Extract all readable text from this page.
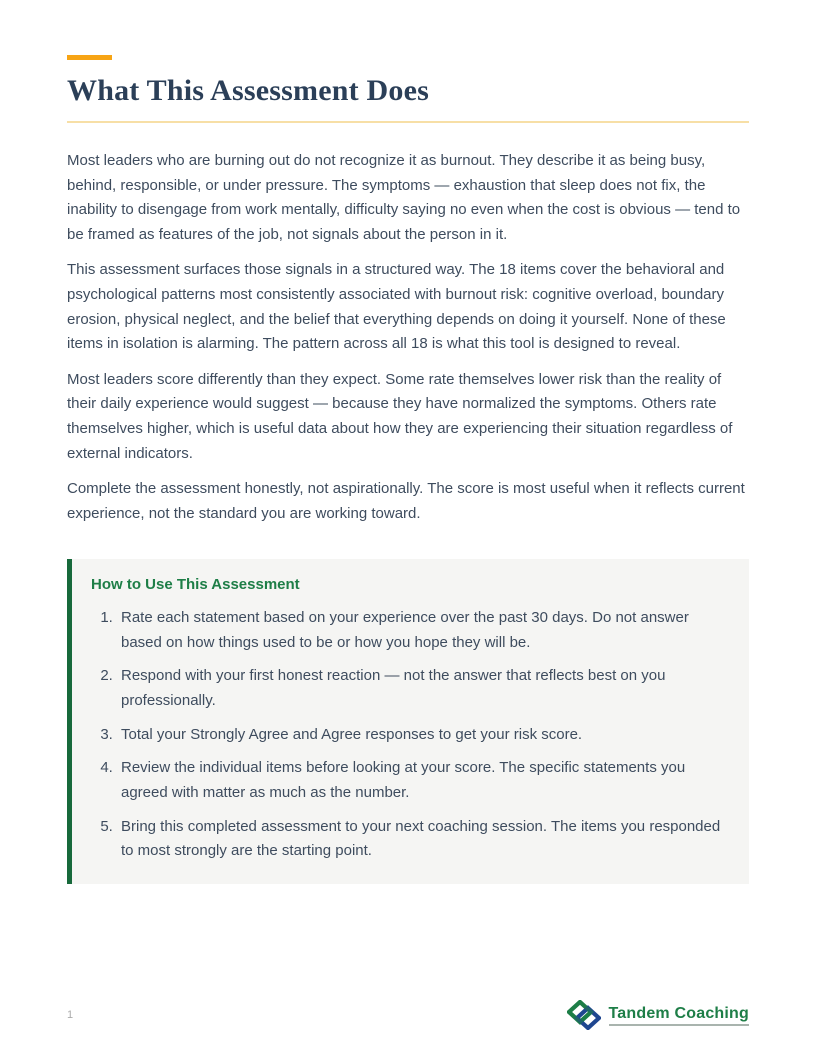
What This Assessment Does

Most leaders who are burning out do not recognize it as burnout. They describe it as being busy, behind, responsible, or under pressure. The symptoms — exhaustion that sleep does not fix, the inability to disengage from work mentally, difficulty saying no even when the cost is obvious — tend to be framed as features of the job, not signals about the person in it.

This assessment surfaces those signals in a structured way. The 18 items cover the behavioral and psychological patterns most consistently associated with burnout risk: cognitive overload, boundary erosion, physical neglect, and the belief that everything depends on doing it yourself. None of these items in isolation is alarming. The pattern across all 18 is what this tool is designed to reveal.

Most leaders score differently than they expect. Some rate themselves lower risk than the reality of their daily experience would suggest — because they have normalized the symptoms. Others rate themselves higher, which is useful data about how they are experiencing their situation regardless of external indicators.

Complete the assessment honestly, not aspirationally. The score is most useful when it reflects current experience, not the standard you are working toward.

How to Use This Assessment
1. Rate each statement based on your experience over the past 30 days. Do not answer based on how things used to be or how you hope they will be.
2. Respond with your first honest reaction — not the answer that reflects best on you professionally.
3. Total your Strongly Agree and Agree responses to get your risk score.
4. Review the individual items before looking at your score. The specific statements you agreed with matter as much as the number.
5. Bring this completed assessment to your next coaching session. The items you responded to most strongly are the starting point.
1	Tandem Coaching
